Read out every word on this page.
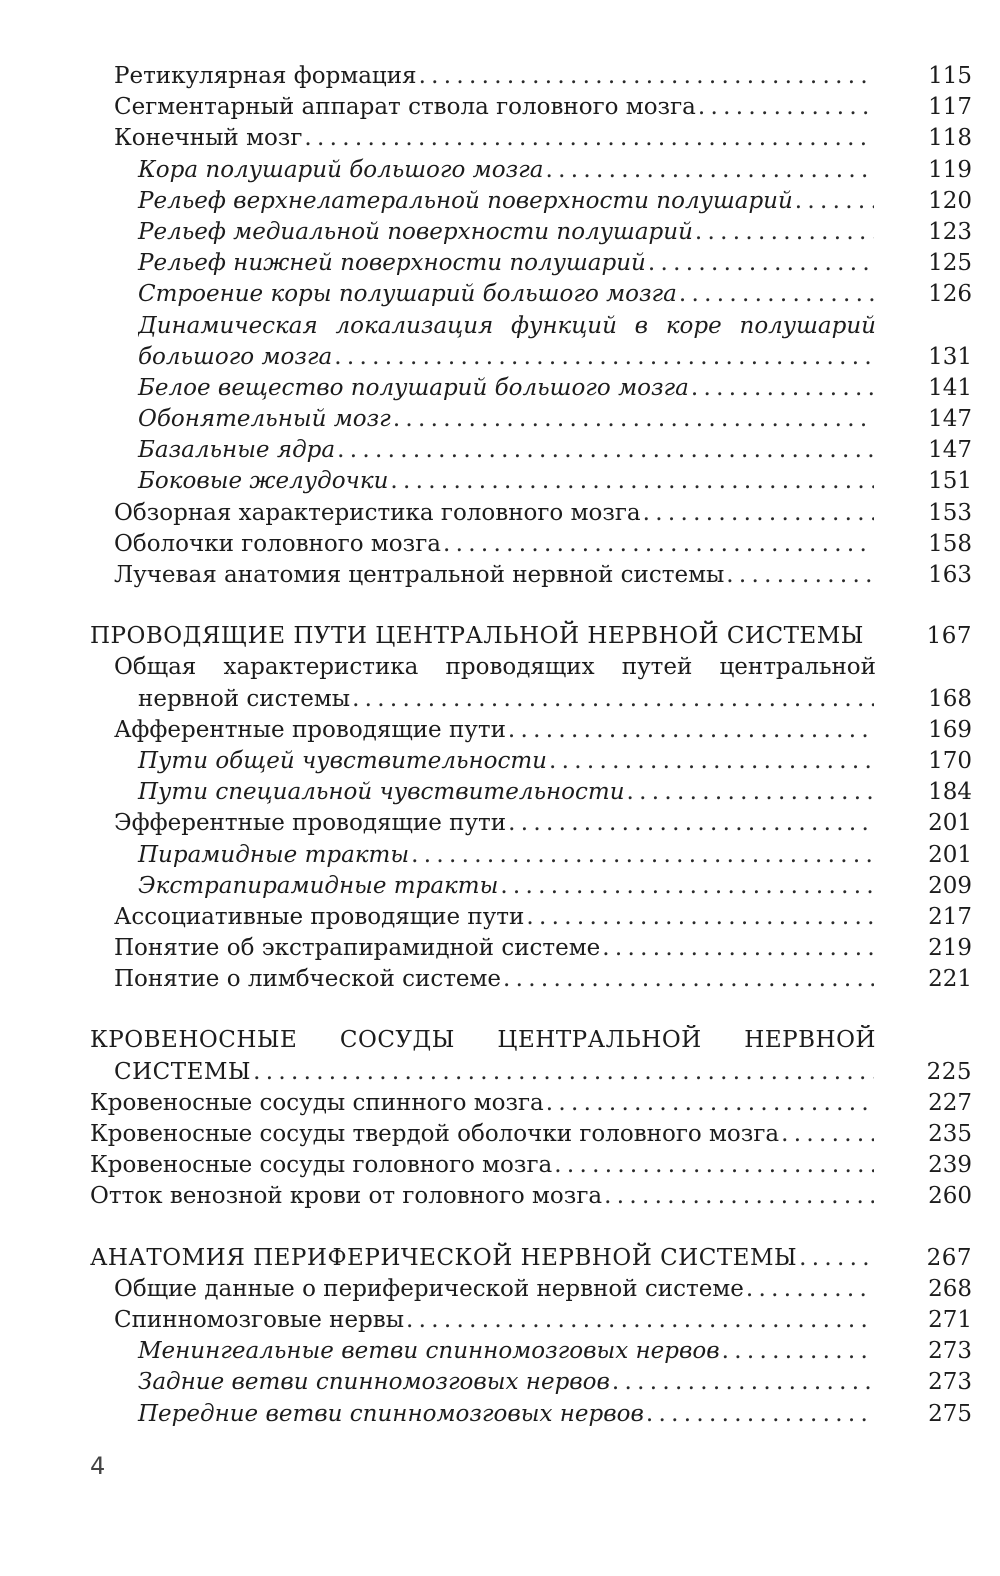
Ретикулярная формация . . .	115
Сегментарный аппарат ствола головного мозга . . .	117
Конечный мозг . . .	118
Кора полушарий большого мозга . . .	119
Рельеф верхнелатеральной поверхности полушарий . . .	120
Рельеф медиальной поверхности полушарий . . .	123
Рельеф нижней поверхности полушарий . . .	125
Строение коры полушарий большого мозга . . .	126
Динамическая локализация функций в коре полушарий
большого мозга . . .	131
Белое вещество полушарий большого мозга . . .	141
Обонятельный мозг . . .	147
Базальные ядра . . .	147
Боковые желудочки . . .	151
Обзорная характеристика головного мозга . . .	153
Оболочки головного мозга . . .	158
Лучевая анатомия центральной нервной системы . . .	163
ПРОВОДЯЩИЕ ПУТИ ЦЕНТРАЛЬНОЙ НЕРВНОЙ СИСТЕМЫ	167
Общая характеристика проводящих путей центральной
нервной системы . . .	168
Афферентные проводящие пути . . .	169
Пути общей чувствительности . . .	170
Пути специальной чувствительности . . .	184
Эфферентные проводящие пути . . .	201
Пирамидные тракты . . .	201
Экстрапирамидные тракты . . .	209
Ассоциативные проводящие пути . . .	217
Понятие об экстрапирамидной системе . . .	219
Понятие о лимбческой системе . . .	221
КРОВЕНОСНЫЕ СОСУДЫ ЦЕНТРАЛЬНОЙ НЕРВНОЙ
СИСТЕМЫ . . .	225
Кровеносные сосуды спинного мозга . . .	227
Кровеносные сосуды твердой оболочки головного мозга . . .	235
Кровеносные сосуды головного мозга . . .	239
Отток венозной крови от головного мозга . . .	260
АНАТОМИЯ ПЕРИФЕРИЧЕСКОЙ НЕРВНОЙ СИСТЕМЫ . . .	267
Общие данные о периферической нервной системе . . .	268
Спинномозговые нервы . . .	271
Менингеальные ветви спинномозговых нервов . . .	273
Задние ветви спинномозговых нервов . . .	273
Передние ветви спинномозговых нервов . . .	275
4
